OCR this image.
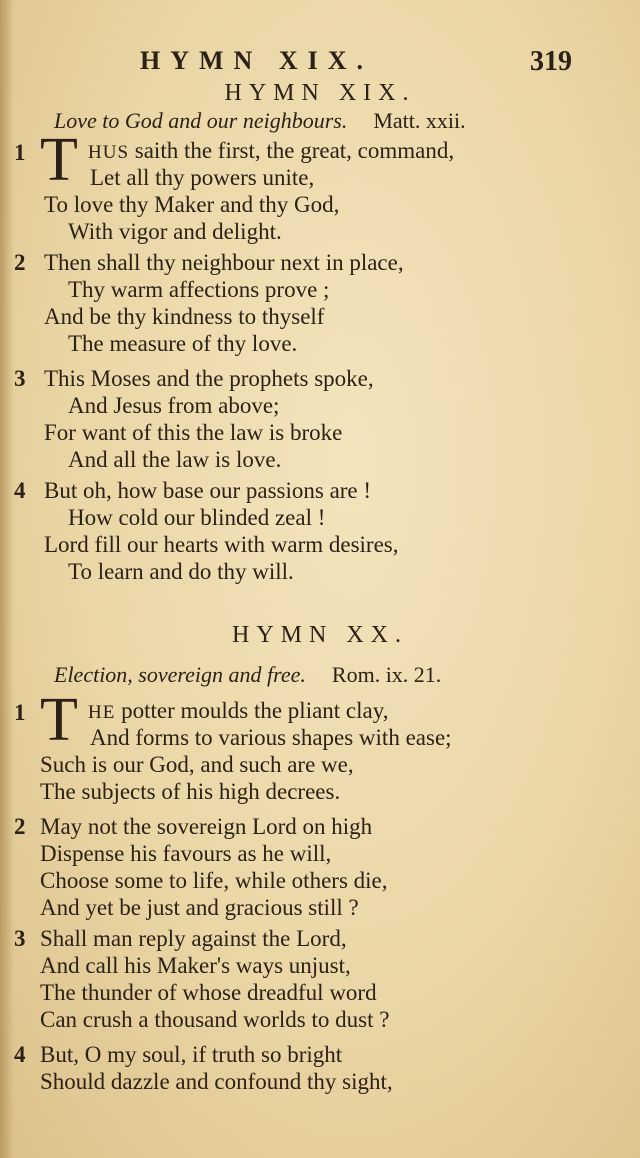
HYMN XIX.	319
HYMN XIX.
Love to God and our neighbours. Matt. xxii.
1 T HUS saith the first, the great, command,
Let all thy powers unite,
To love thy Maker and thy God,
With vigor and delight.
2 Then shall thy neighbour next in place,
Thy warm affections prove ;
And be thy kindness to thyself
The measure of thy love.
3 This Moses and the prophets spoke,
And Jesus from above;
For want of this the law is broke
And all the law is love.
4 But oh, how base our passions are !
How cold our blinded zeal !
Lord fill our hearts with warm desires,
To learn and do thy will.
HYMN XX.
Election, sovereign and free. Rom. ix. 21.
1 T HE potter moulds the pliant clay,
And forms to various shapes with ease;
Such is our God, and such are we,
The subjects of his high decrees.
2 May not the sovereign Lord on high
Dispense his favours as he will,
Choose some to life, while others die,
And yet be just and gracious still ?
3 Shall man reply against the Lord,
And call his Maker's ways unjust,
The thunder of whose dreadful word
Can crush a thousand worlds to dust ?
4 But, O my soul, if truth so bright
Should dazzle and confound thy sight,
